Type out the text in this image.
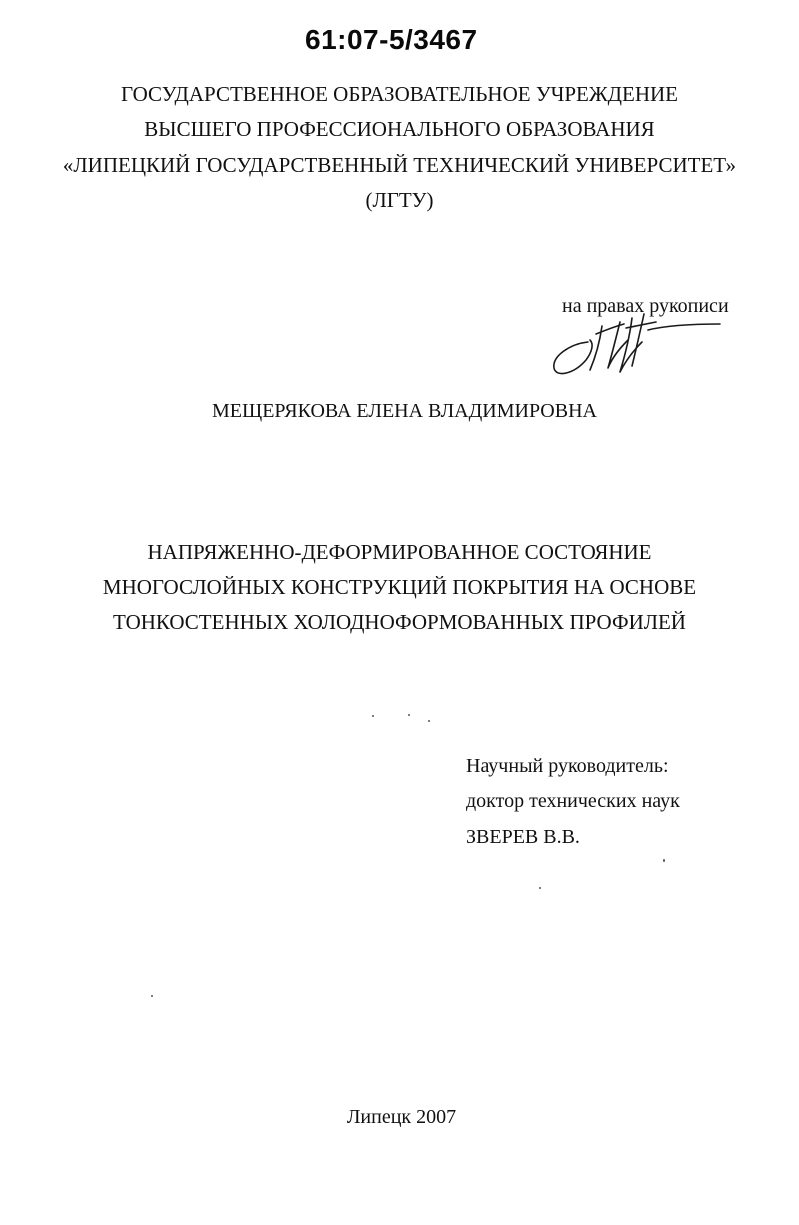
61:07-5/3467
ГОСУДАРСТВЕННОЕ ОБРАЗОВАТЕЛЬНОЕ УЧРЕЖДЕНИЕ
ВЫСШЕГО ПРОФЕССИОНАЛЬНОГО ОБРАЗОВАНИЯ
«ЛИПЕЦКИЙ ГОСУДАРСТВЕННЫЙ ТЕХНИЧЕСКИЙ УНИВЕРСИТЕТ»
(ЛГТУ)
на правах рукописи
МЕЩЕРЯКОВА ЕЛЕНА ВЛАДИМИРОВНА
НАПРЯЖЕННО-ДЕФОРМИРОВАННОЕ СОСТОЯНИЕ
МНОГОСЛОЙНЫХ КОНСТРУКЦИЙ ПОКРЫТИЯ НА ОСНОВЕ
ТОНКОСТЕННЫХ ХОЛОДНОФОРМОВАННЫХ ПРОФИЛЕЙ
Научный руководитель:
доктор технических наук
ЗВЕРЕВ В.В.
Липецк 2007
